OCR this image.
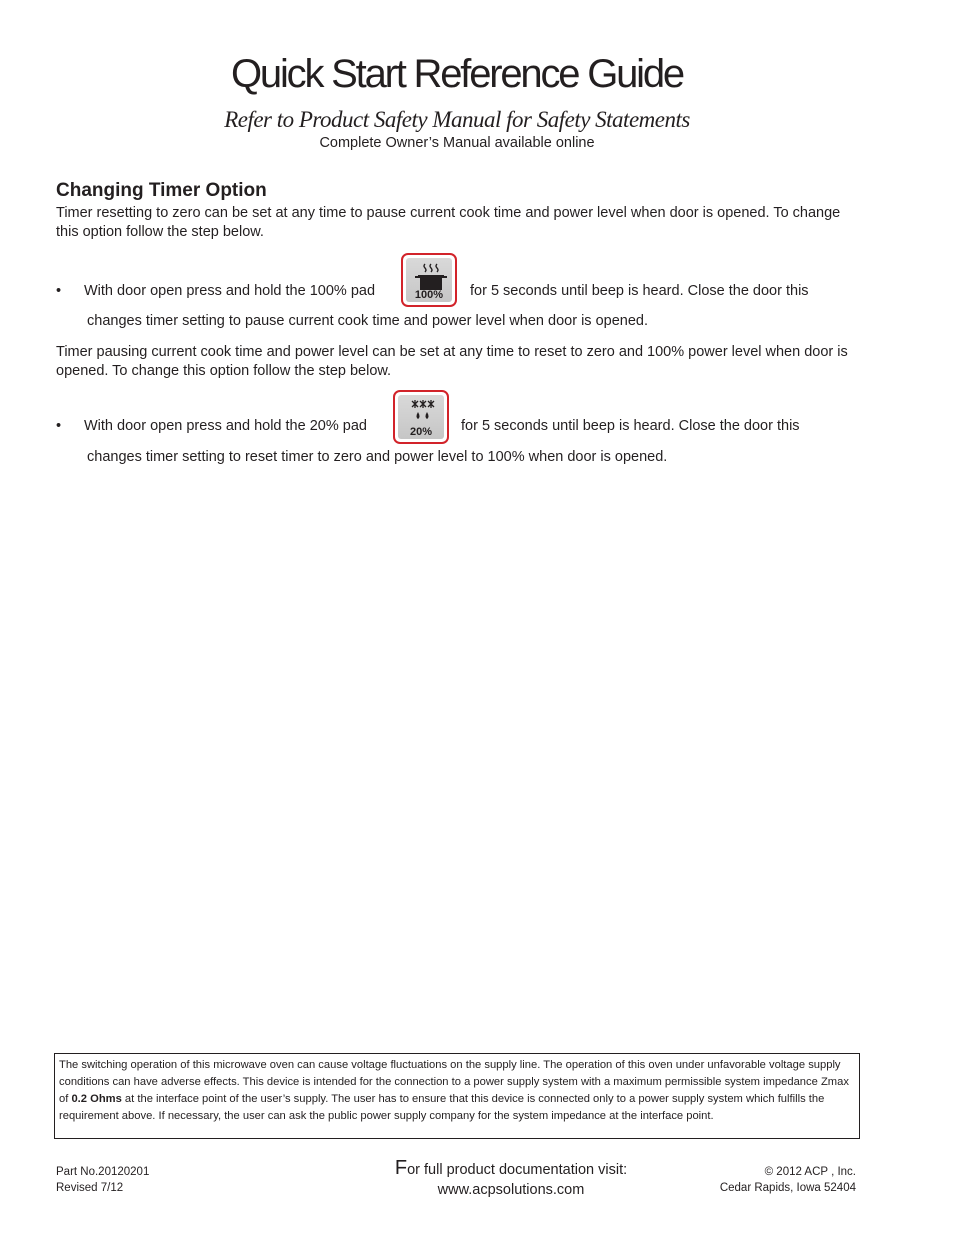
Quick Start Reference Guide
Refer to Product Safety Manual for Safety Statements
Complete Owner’s Manual available online
Changing Timer Option
Timer resetting to zero can be set at any time to pause current cook time and power level when door is opened. To change this option follow the step below.
• With door open press and hold the 100% pad	100%	for 5 seconds until beep is heard. Close the door this
changes timer setting to pause current cook time and power level when door is opened.
Timer pausing current cook time and power level can be set at any time to reset to zero and 100% power level when door is opened. To change this option follow the step below.
• With door open press and hold the 20% pad	20%	for 5 seconds until beep is heard. Close the door this
changes timer setting to reset timer to zero and power level to 100% when door is opened.
The switching operation of this microwave oven can cause voltage fluctuations on the supply line. The operation of this oven under unfavorable voltage supply conditions can have adverse effects. This device is intended for the connection to a power supply system with a maximum permissible system impedance Zmax of 0.2 Ohms at the interface point of the user’s supply. The user has to ensure that this device is connected only to a power supply system which fulfills the requirement above. If necessary, the user can ask the public power supply company for the system impedance at the interface point.
Part No.20120201
Revised 7/12
For full product documentation visit:
www.acpsolutions.com
© 2012 ACP , Inc.
Cedar Rapids, Iowa 52404
